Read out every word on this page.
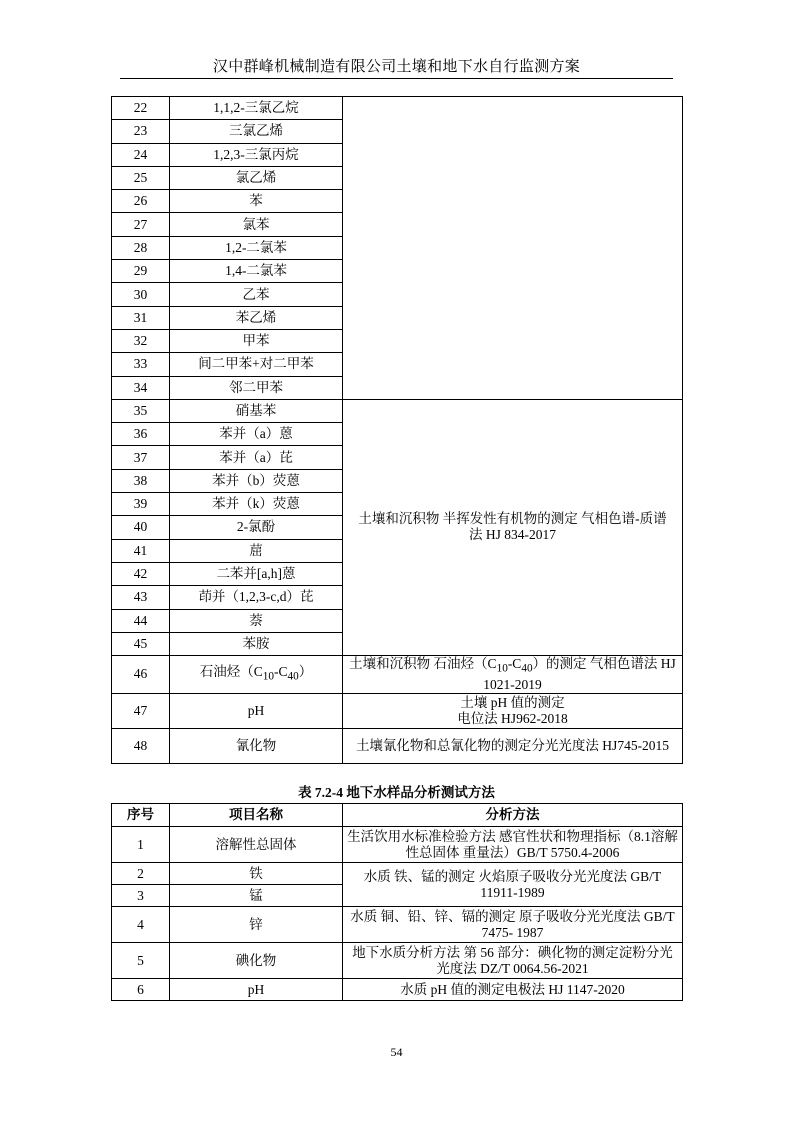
汉中群峰机械制造有限公司土壤和地下水自行监测方案
22	1,1,2-三氯乙烷	
23	三氯乙烯	
24	1,2,3-三氯丙烷	
25	氯乙烯	
26	苯	
27	氯苯	
28	1,2-二氯苯	
29	1,4-二氯苯	
30	乙苯	
31	苯乙烯	
32	甲苯	
33	间二甲苯+对二甲苯	
34	邻二甲苯	
35	硝基苯	土壤和沉积物 半挥发性有机物的测定 气相色谱-质谱法 HJ 834-2017
36	苯并（a）蒽	
37	苯并（a）芘	
38	苯并（b）荧蒽	
39	苯并（k）荧蒽	
40	2-氯酚	
41	䓛	
42	二苯并[a,h]蒽	
43	茚并（1,2,3-c,d）芘	
44	萘	
45	苯胺	
46	石油烃$(C_{10}-C_{40})$	土壤和沉积物 石油烃$(C_{10}-C_{40})$的测定 气相色谱法 HJ 1021-2019
47	pH	土壤 pH 值的测定
电位法 HJ962-2018

48	氰化物	土壤氰化物和总氰化物的测定分光光度法 HJ745-2015
表 7.2-4 地下水样品分析测试方法
序号	项目名称	分析方法
1	溶解性总固体	生活饮用水标准检验方法 感官性状和物理指标（8.1溶解性总固体 重量法）GB/T 5750.4-2006
2	铁	水质 铁、锰的测定 火焰原子吸收分光光度法 GB/T 11911-1989
3	锰	
4	锌	水质 铜、铅、锌、镉的测定 原子吸收分光光度法 GB/T 7475- 1987
5	碘化物	地下水质分析方法 第 56 部分：碘化物的测定淀粉分光光度法 DZ/T 0064.56-2021
6	pH	水质 pH 值的测定电极法 HJ 1147-2020
54
